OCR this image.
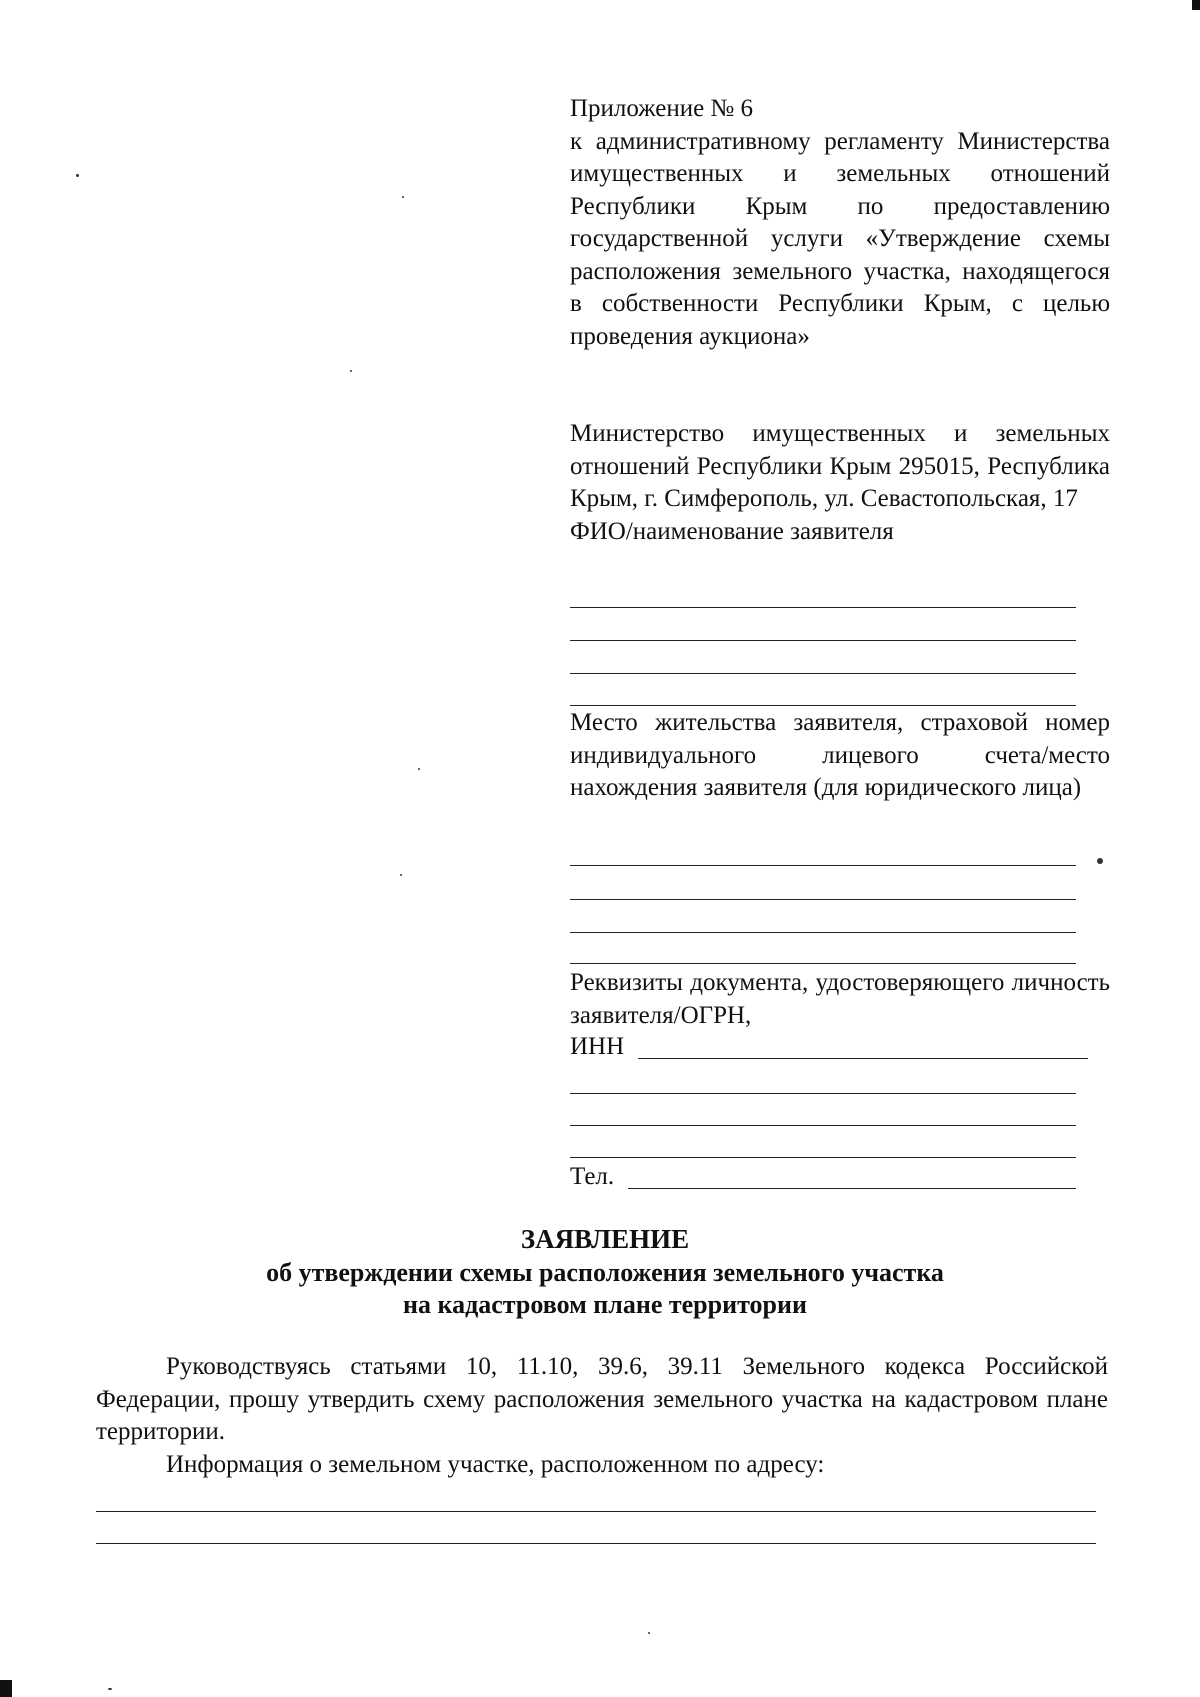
Приложение № 6

к административному регламенту Министерства имущественных и земельных отношений Республики Крым по предоставлению государственной услуги «Утверждение схемы расположения земельного участка, находящегося в собственности Республики Крым, с целью проведения аукциона»

Министерство имущественных и земельных отношений Республики Крым 295015, Республика Крым, г. Симферополь, ул. Севастопольская, 17

ФИО/наименование заявителя

Место жительства заявителя, страховой номер индивидуального лицевого счета/место нахождения заявителя (для юридического лица)

Реквизиты документа, удостоверяющего личность заявителя/ОГРН,

ИНН
Тел.
ЗАЯВЛЕНИЕ
об утверждении схемы расположения земельного участка
на кадастровом плане территории

Руководствуясь статьями 10, 11.10, 39.6, 39.11 Земельного кодекса Российской Федерации, прошу утвердить схему расположения земельного участка на кадастровом плане территории.

Информация о земельном участке, расположенном по адресу:
